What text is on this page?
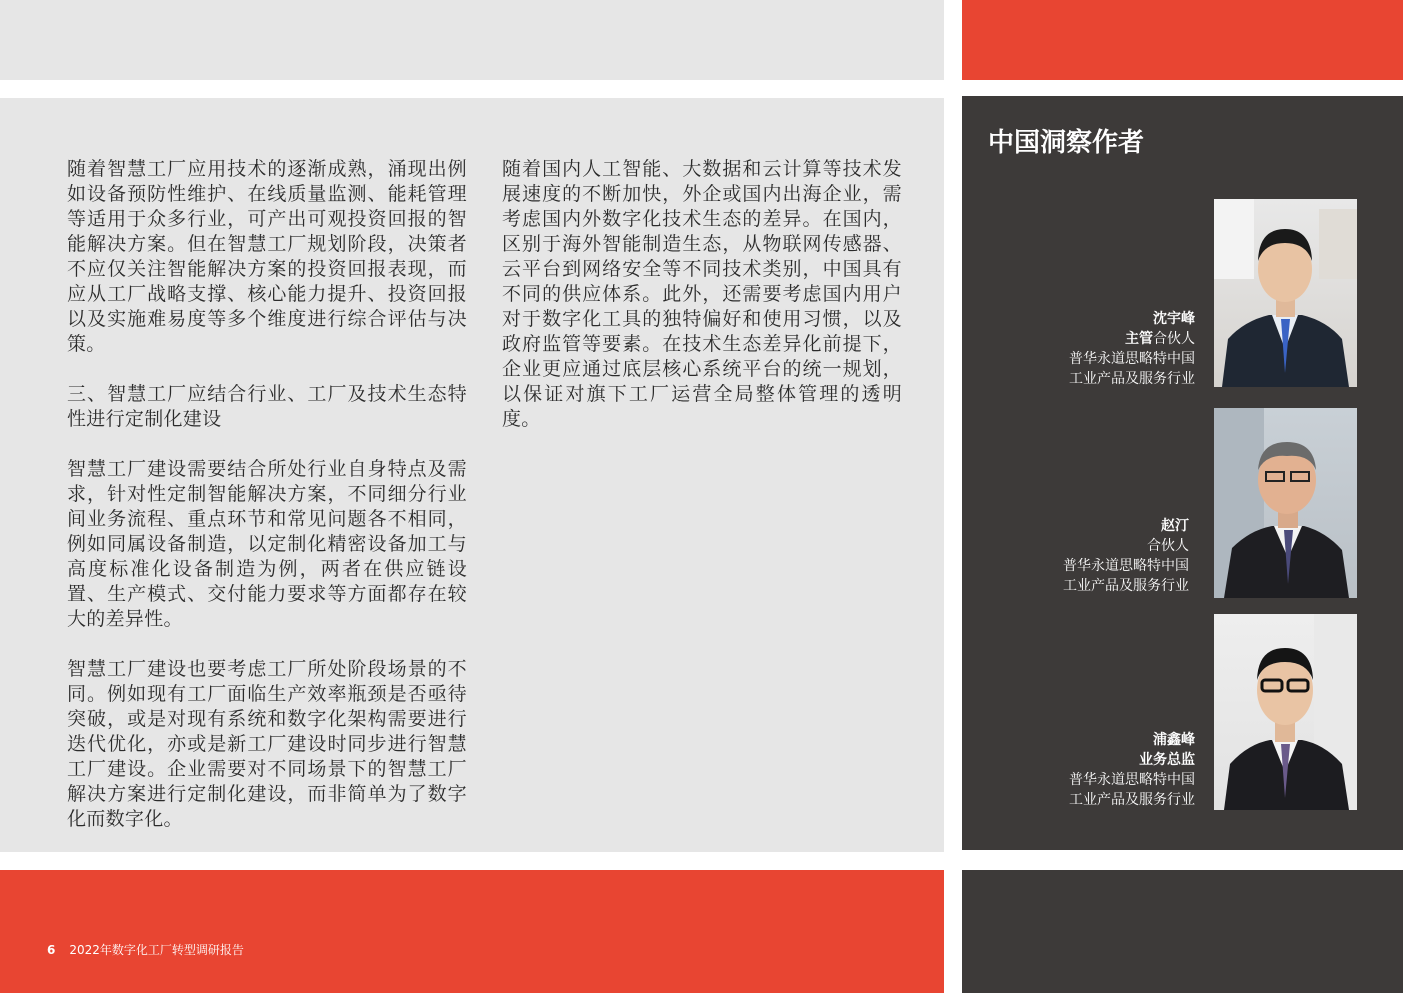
随着智慧工厂应用技术的逐渐成熟，涌现出例如设备预防性维护、在线质量监测、能耗管理等适用于众多行业，可产出可观投资回报的智能解决方案。但在智慧工厂规划阶段，决策者不应仅关注智能解决方案的投资回报表现，而应从工厂战略支撑、核心能力提升、投资回报以及实施难易度等多个维度进行综合评估与决策。

三、智慧工厂应结合行业、工厂及技术生态特性进行定制化建设

智慧工厂建设需要结合所处行业自身特点及需求，针对性定制智能解决方案，不同细分行业间业务流程、重点环节和常见问题各不相同，例如同属设备制造，以定制化精密设备加工与高度标准化设备制造为例，两者在供应链设置、生产模式、交付能力要求等方面都存在较大的差异性。

智慧工厂建设也要考虑工厂所处阶段场景的不同。例如现有工厂面临生产效率瓶颈是否亟待突破，或是对现有系统和数字化架构需要进行迭代优化，亦或是新工厂建设时同步进行智慧工厂建设。企业需要对不同场景下的智慧工厂解决方案进行定制化建设，而非简单为了数字化而数字化。

随着国内人工智能、大数据和云计算等技术发展速度的不断加快，外企或国内出海企业，需考虑国内外数字化技术生态的差异。在国内，区别于海外智能制造生态，从物联网传感器、云平台到网络安全等不同技术类别，中国具有不同的供应体系。此外，还需要考虑国内用户对于数字化工具的独特偏好和使用习惯，以及政府监管等要素。在技术生态差异化前提下，企业更应通过底层核心系统平台的统一规划，以保证对旗下工厂运营全局整体管理的透明度。

中国洞察作者
沈宇峰
主管合伙人
普华永道思略特中国
工业产品及服务行业
赵汀
合伙人
普华永道思略特中国
工业产品及服务行业
浦鑫峰
业务总监
普华永道思略特中国
工业产品及服务行业
6 2022年数字化工厂转型调研报告
